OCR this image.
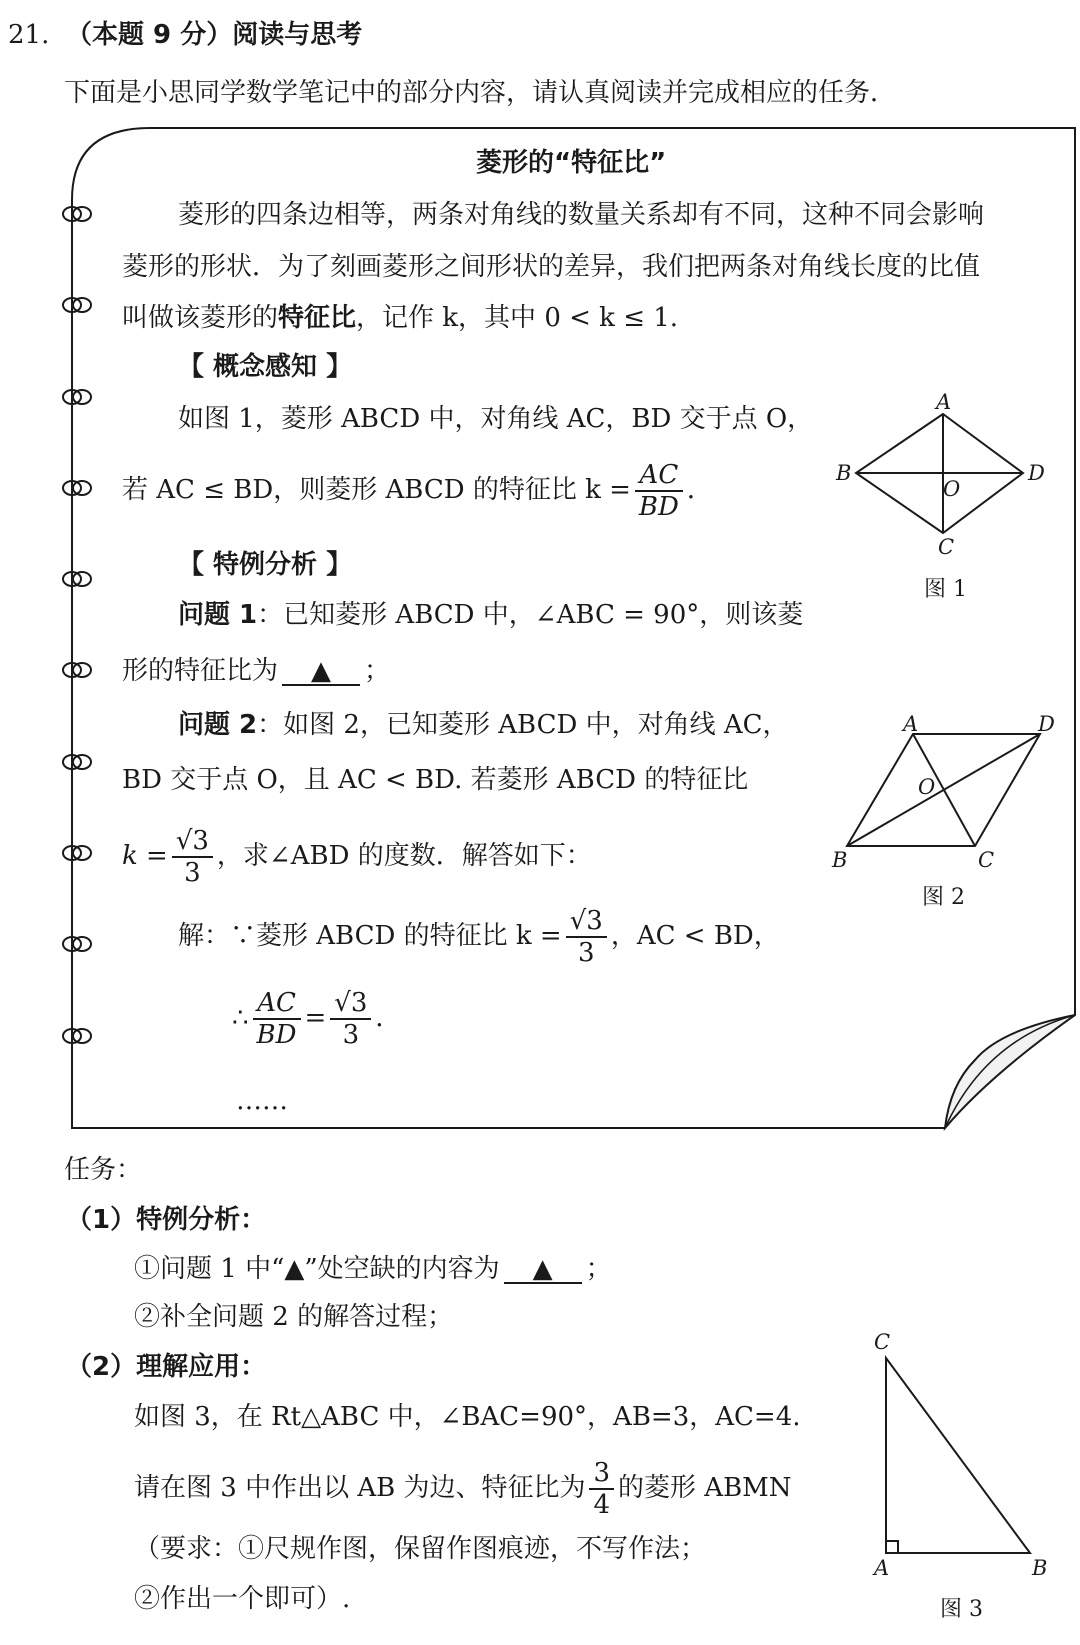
21. （本题 9 分）阅读与思考
下面是小思同学数学笔记中的部分内容，请认真阅读并完成相应的任务．
菱形的“特征比”
菱形的四条边相等，两条对角线的数量关系却有不同，这种不同会影响
菱形的形状．为了刻画菱形之间形状的差异，我们把两条对角线长度的比值
叫做该菱形的特征比，记作 k，其中 0 < k ≤ 1.
【 概念感知 】
如图 1，菱形 ABCD 中，对角线 AC，BD 交于点 O，
若 AC ≤ BD，则菱形 ABCD 的特征比 $k = \frac{AC}{BD}$ ．
【 特例分析 】
问题 1：已知菱形 ABCD 中，∠ABC = 90°，则该菱
形的特征比为 ▲ ；
问题 2：如图 2，已知菱形 ABCD 中，对角线 AC，
BD 交于点 O，且 AC < BD. 若菱形 ABCD 的特征比
$k = \frac{√3}{3}$ ，求∠ABD 的度数．解答如下：
解：∵菱形 ABCD 的特征比 $k = \frac{√3}{3}$ ，AC < BD，
∴ $\frac{AC}{BD} = \frac{√3}{3}$ ．
……
A
B	D
O
C
图 1
A	D
O
B	C
图 2
任务：
（1）特例分析：
①问题 1 中“▲”处空缺的内容为 ▲ ；
②补全问题 2 的解答过程；
（2）理解应用：
如图 3，在 Rt△ABC 中，∠BAC=90°，AB=3，AC=4.
请在图 3 中作出以 AB 为边、特征比为 $\frac{3}{4}$ 的菱形 ABMN
（要求：①尺规作图，保留作图痕迹，不写作法；
②作出一个即可）.
C
A	B
图 3
